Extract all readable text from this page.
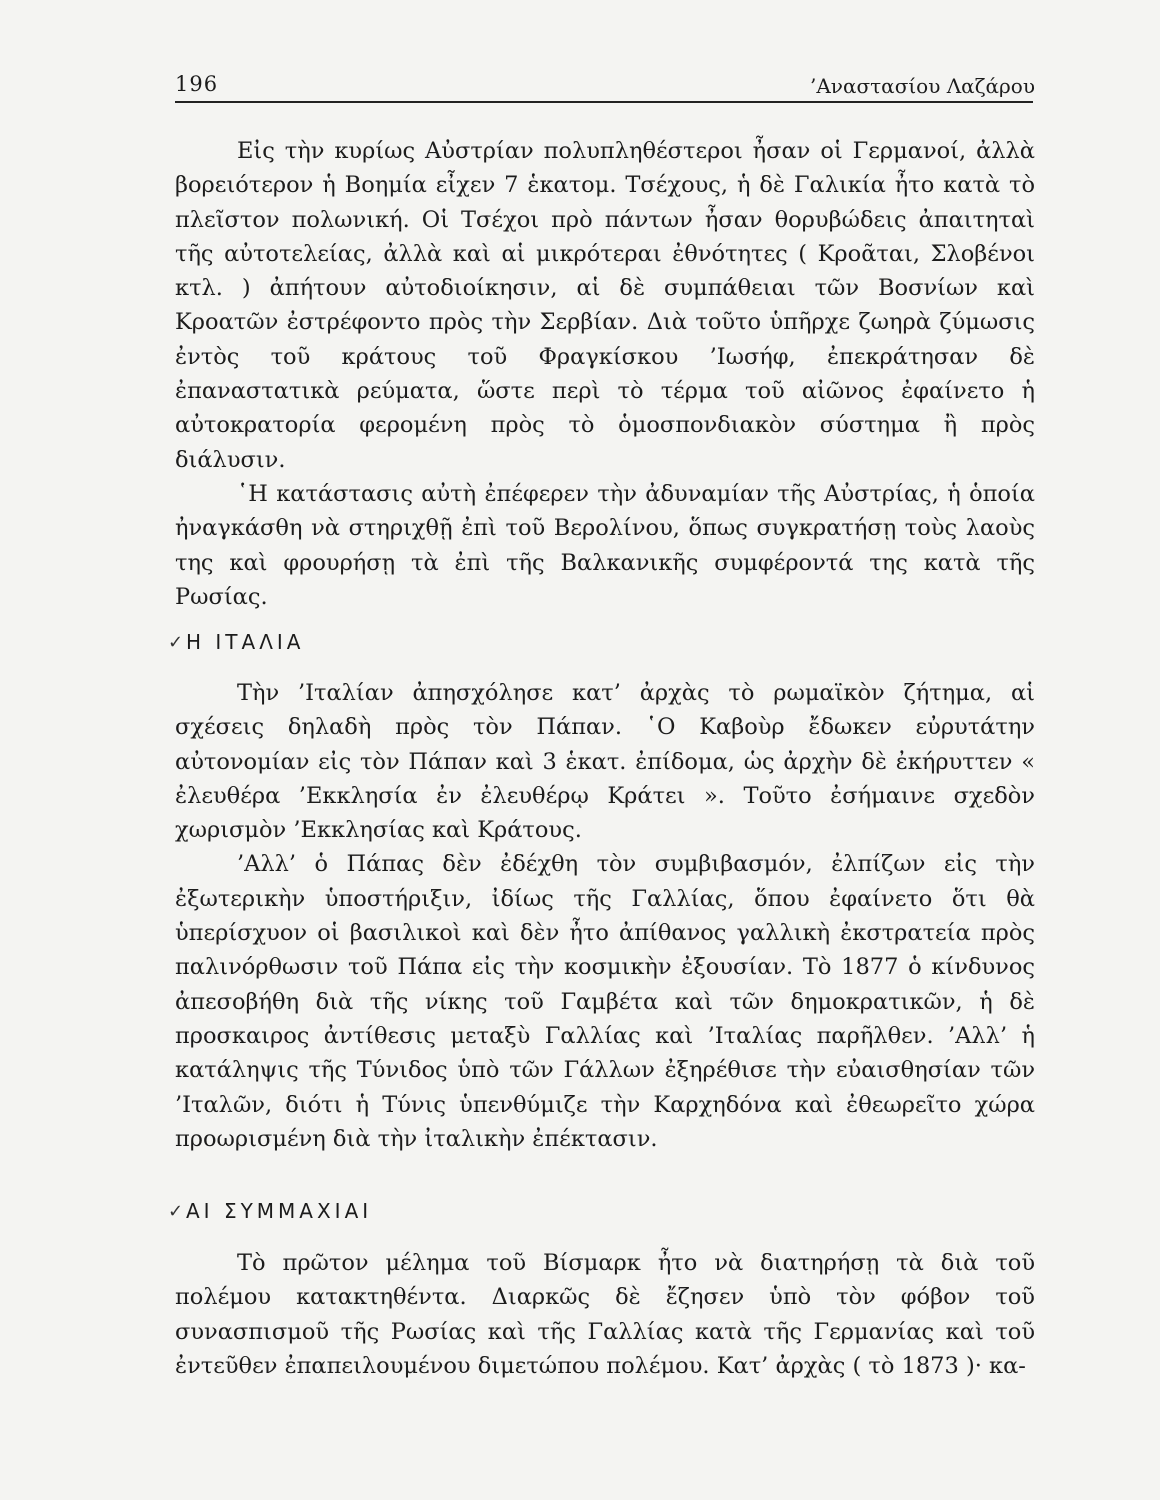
196	’Αναστασίου Λαζάρου

Εἰς τὴν κυρίως Αὐστρίαν πολυπληθέστεροι ἦσαν οἱ Γερμανοί, ἀλλὰ βορειότερον ἡ Βοημία εἶχεν 7 ἑκατομ. Τσέχους, ἡ δὲ Γαλικία ἦτο κατὰ τὸ πλεῖστον πολωνική. Οἱ Τσέχοι πρὸ πάντων ἦσαν θορυβώδεις ἀπαιτηταὶ τῆς αὐτοτελείας, ἀλλὰ καὶ αἱ μικρότεραι ἐθνότητες ( Κροᾶται, Σλοβένοι κτλ. ) ἀπήτουν αὐτοδιοίκησιν, αἱ δὲ συμπάθειαι τῶν Βοσνίων καὶ Κροατῶν ἐστρέφοντο πρὸς τὴν Σερβίαν. Διὰ τοῦτο ὑπῆρχε ζωηρὰ ζύμωσις ἐντὸς τοῦ κράτους τοῦ Φραγκίσκου ’Ιωσήφ, ἐπεκράτησαν δὲ ἐπαναστατικὰ ρεύματα, ὥστε περὶ τὸ τέρμα τοῦ αἰῶνος ἐφαίνετο ἡ αὐτοκρατορία φερομένη πρὸς τὸ ὁμοσπονδιακὸν σύστημα ἢ πρὸς διάλυσιν.

῾Η κατάστασις αὐτὴ ἐπέφερεν τὴν ἀδυναμίαν τῆς Αὐστρίας, ἡ ὁποία ἠναγκάσθη νὰ στηριχθῇ ἐπὶ τοῦ Βερολίνου, ὅπως συγκρατήσῃ τοὺς λαοὺς της καὶ φρουρήσῃ τὰ ἐπὶ τῆς Βαλκανικῆς συμφέροντά της κατὰ τῆς Ρωσίας.

✓ Η ΙΤΑΛΙΑ

Τὴν ’Ιταλίαν ἀπησχόλησε κατ’ ἀρχὰς τὸ ρωμαϊκὸν ζήτημα, αἱ σχέσεις δηλαδὴ πρὸς τὸν Πάπαν. ῾Ο Καβοὺρ ἔδωκεν εὐρυτάτην αὐτονομίαν εἰς τὸν Πάπαν καὶ 3 ἑκατ. ἐπίδομα, ὡς ἀρχὴν δὲ ἐκήρυττεν « ἐλευθέρα ’Εκκλησία ἐν ἐλευθέρῳ Κράτει ». Τοῦτο ἐσήμαινε σχεδὸν χωρισμὸν ’Εκκλησίας καὶ Κράτους.

’Αλλ’ ὁ Πάπας δὲν ἐδέχθη τὸν συμβιβασμόν, ἐλπίζων εἰς τὴν ἐξωτερικὴν ὑποστήριξιν, ἰδίως τῆς Γαλλίας, ὅπου ἐφαίνετο ὅτι θὰ ὑπερίσχυον οἱ βασιλικοὶ καὶ δὲν ἦτο ἀπίθανος γαλλικὴ ἐκστρατεία πρὸς παλινόρθωσιν τοῦ Πάπα εἰς τὴν κοσμικὴν ἐξουσίαν. Τὸ 1877 ὁ κίνδυνος ἀπεσοβήθη διὰ τῆς νίκης τοῦ Γαμβέτα καὶ τῶν δημοκρατικῶν, ἡ δὲ προσκαιρος ἀντίθεσις μεταξὺ Γαλλίας καὶ ’Ιταλίας παρῆλθεν. ’Αλλ’ ἡ κατάληψις τῆς Τύνιδος ὑπὸ τῶν Γάλλων ἐξηρέθισε τὴν εὐαισθησίαν τῶν ’Ιταλῶν, διότι ἡ Τύνις ὑπενθύμιζε τὴν Καρχηδόνα καὶ ἐθεωρεῖτο χώρα προωρισμένη διὰ τὴν ἰταλικὴν ἐπέκτασιν.

✓ ΑΙ ΣΥΜΜΑΧΙΑΙ

Τὸ πρῶτον μέλημα τοῦ Βίσμαρκ ἦτο νὰ διατηρήσῃ τὰ διὰ τοῦ πολέμου κατακτηθέντα. Διαρκῶς δὲ ἔζησεν ὑπὸ τὸν φόβον τοῦ συνασπισμοῦ τῆς Ρωσίας καὶ τῆς Γαλλίας κατὰ τῆς Γερμανίας καὶ τοῦ ἐντεῦθεν ἐπαπειλουμένου διμετώπου πολέμου. Κατ’ ἀρχὰς ( τὸ 1873 )· κα-
